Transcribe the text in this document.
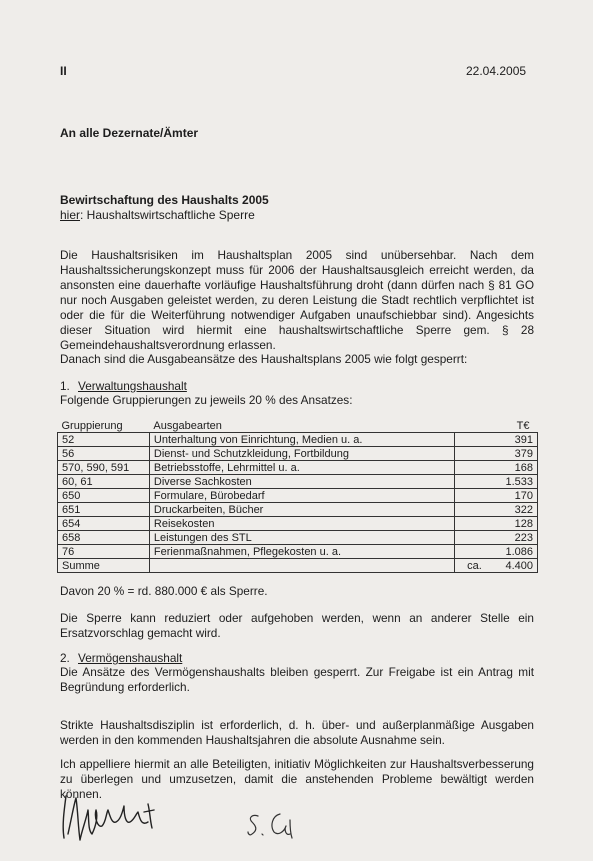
II	22.04.2005
An alle Dezernate/Ämter
Bewirtschaftung des Haushalts 2005
hier: Haushaltswirtschaftliche Sperre
Die Haushaltsrisiken im Haushaltsplan 2005 sind unübersehbar. Nach dem Haushaltssicherungskonzept muss für 2006 der Haushaltsausgleich erreicht werden, da ansonsten eine dauerhafte vorläufige Haushaltsführung droht (dann dürfen nach § 81 GO nur noch Ausgaben geleistet werden, zu deren Leistung die Stadt rechtlich verpflichtet ist oder die für die Weiterführung notwendiger Aufgaben unaufschiebbar sind). Angesichts dieser Situation wird hiermit eine haushaltswirtschaftliche Sperre gem. § 28 Gemeindehaushaltsverordnung erlassen.
Danach sind die Ausgabeansätze des Haushaltsplans 2005 wie folgt gesperrt:
1. Verwaltungshaushalt
Folgende Gruppierungen zu jeweils 20 % des Ansatzes:
Gruppierung	Ausgabearten	T€
52	Unterhaltung von Einrichtung, Medien u. a.	391
56	Dienst- und Schutzkleidung, Fortbildung	379
570, 590, 591	Betriebsstoffe, Lehrmittel u. a.	168
60, 61	Diverse Sachkosten	1.533
650	Formulare, Bürobedarf	170
651	Druckarbeiten, Bücher	322
654	Reisekosten	128
658	Leistungen des STL	223
76	Ferienmaßnahmen, Pflegekosten u. a.	1.086
Summe		ca. 4.400
Davon 20 % = rd. 880.000 € als Sperre.
Die Sperre kann reduziert oder aufgehoben werden, wenn an anderer Stelle ein Ersatzvorschlag gemacht wird.
2. Vermögenshaushalt
Die Ansätze des Vermögenshaushalts bleiben gesperrt. Zur Freigabe ist ein Antrag mit Begründung erforderlich.
Strikte Haushaltsdisziplin ist erforderlich, d. h. über- und außerplanmäßige Ausgaben werden in den kommenden Haushaltsjahren die absolute Ausnahme sein.
Ich appelliere hiermit an alle Beteiligten, initiativ Möglichkeiten zur Haushaltsverbesserung zu überlegen und umzusetzen, damit die anstehenden Probleme bewältigt werden können.
